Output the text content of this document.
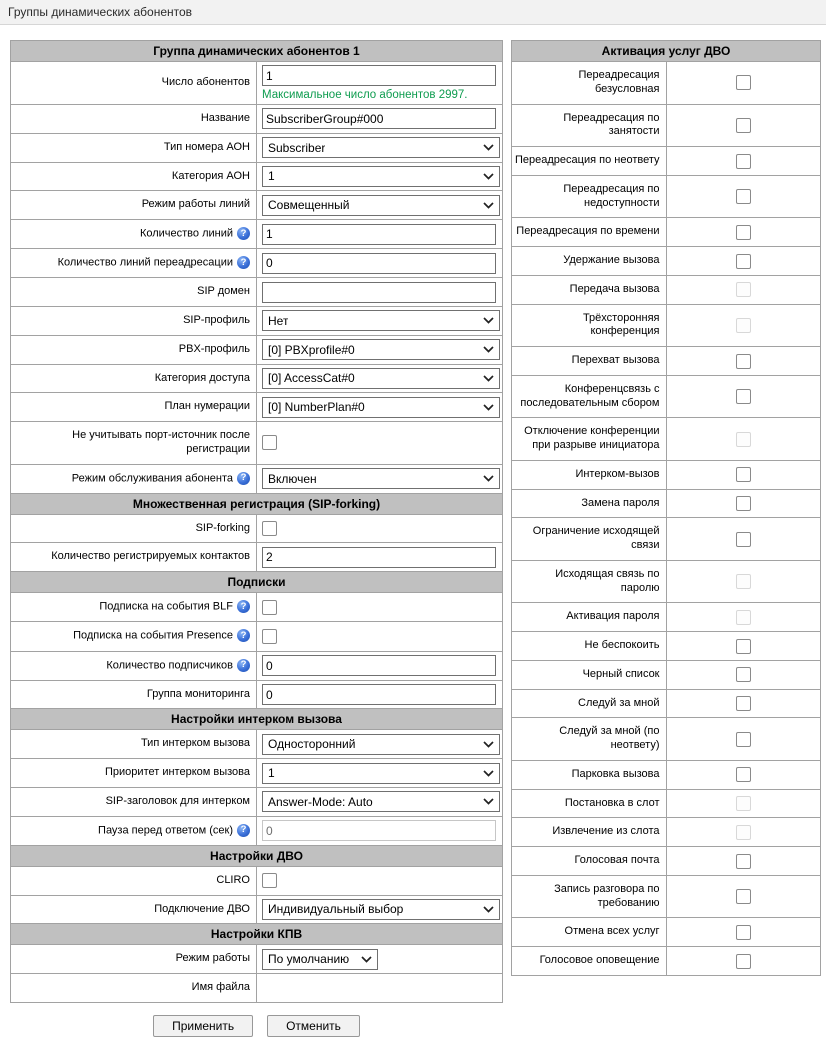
Группы динамических абонентов
Группа динамических абонентов 1	
Число абонентов	1
Максимальное число абонентов 2997.

Название	SubscriberGroup#000
Тип номера АОН	Subscriber

Категория АОН	1

Режим работы линий	Совмещенный

Количество линий ?	1
Количество линий переадресации ?	0
SIP домен	
SIP-профиль	Нет

PBX-профиль	[0] PBXprofile#0

Категория доступа	[0] AccessCat#0

План нумерации	[0] NumberPlan#0

Не учитывать порт-источник после регистрации	
Режим обслуживания абонента ?	Включен

Множественная регистрация (SIP-forking)	
SIP-forking	
Количество регистрируемых контактов	2
Подписки	
Подписка на события BLF ?	
Подписка на события Presence ?	
Количество подписчиков ?	0
Группа мониторинга	0
Настройки интерком вызова	
Тип интерком вызова	Односторонний

Приоритет интерком вызова	1

SIP-заголовок для интерком	Answer-Mode: Auto

Пауза перед ответом (сек) ?	0
Настройки ДВО	
CLIRO	
Подключение ДВО	Индивидуальный выбор

Настройки КПВ	
Режим работы	По умолчанию

Имя файла	
Применить	Отменить
Активация услуг ДВО	
Переадресация безусловная	
Переадресация по занятости	
Переадресация по неответу	
Переадресация по недоступности	
Переадресация по времени	
Удержание вызова	
Передача вызова	
Трёхсторонняя конференция	
Перехват вызова	
Конференцсвязь с последовательным сбором	
Отключение конференции при разрыве инициатора	
Интерком-вызов	
Замена пароля	
Ограничение исходящей связи	
Исходящая связь по паролю	
Активация пароля	
Не беспокоить	
Черный список	
Следуй за мной	
Следуй за мной (по неответу)	
Парковка вызова	
Постановка в слот	
Извлечение из слота	
Голосовая почта	
Запись разговора по требованию	
Отмена всех услуг	
Голосовое оповещение	
